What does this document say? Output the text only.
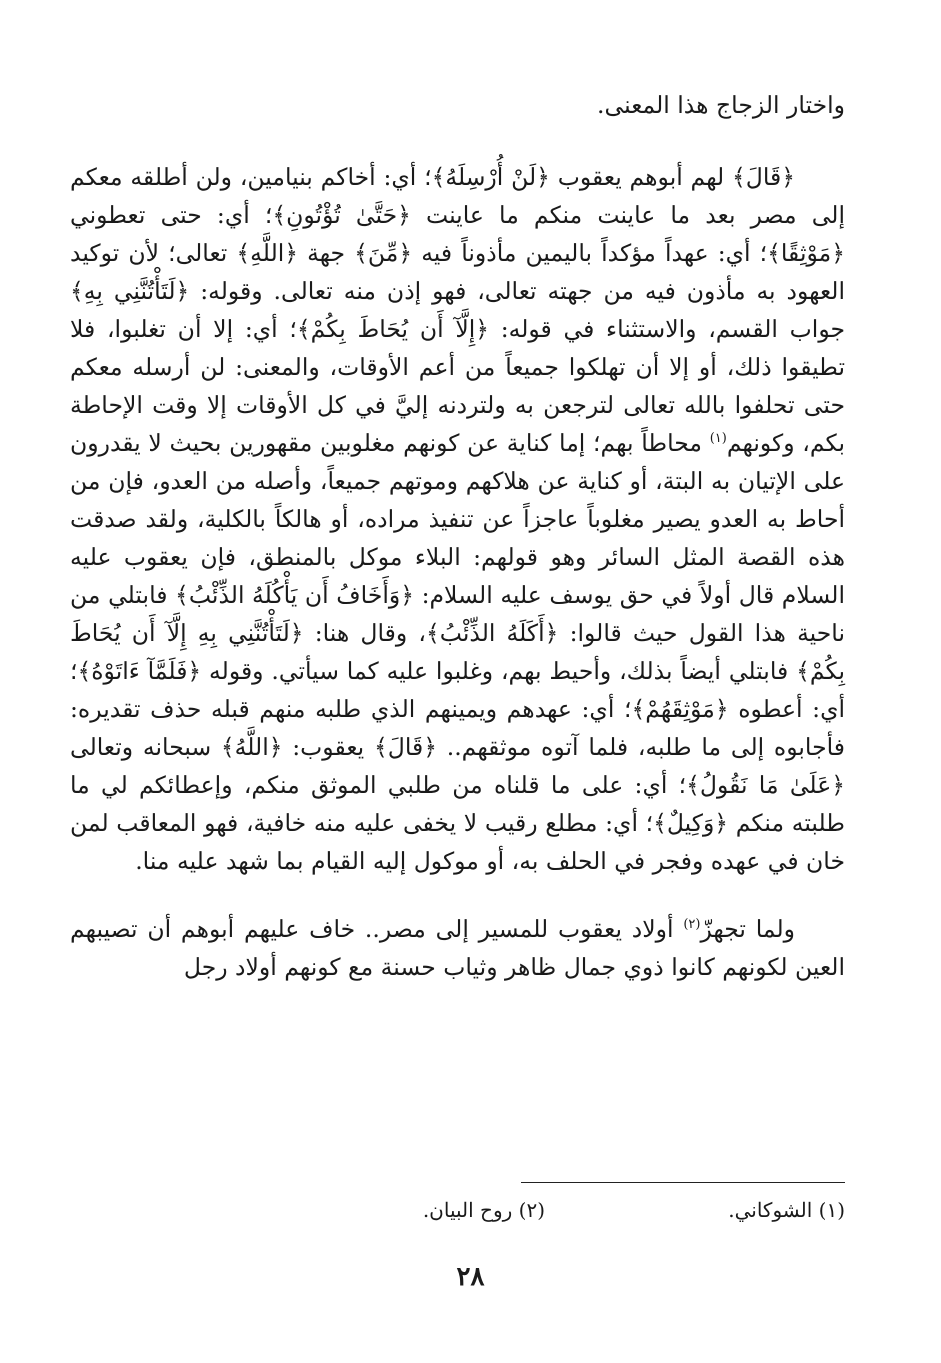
واختار الزجاج هذا المعنى.

﴿قَالَ﴾ لهم أبوهم يعقوب ﴿لَنْ أُرْسِلَهُ﴾؛ أي: أخاكم بنيامين، ولن أطلقه معكم إلى مصر بعد ما عاينت منكم ما عاينت ﴿حَتَّىٰ تُؤْتُونِ﴾؛ أي: حتى تعطوني ﴿مَوْثِقًا﴾؛ أي: عهداً مؤكداً باليمين مأذوناً فيه ﴿مِّنَ﴾ جهة ﴿اللَّهِ﴾ تعالى؛ لأن توكيد العهود به مأذون فيه من جهته تعالى، فهو إذن منه تعالى. وقوله: ﴿لَتَأْتُنَّنِي بِهِ﴾ جواب القسم، والاستثناء في قوله: ﴿إِلَّآ أَن يُحَاطَ بِكُمْ﴾؛ أي: إلا أن تغلبوا، فلا تطيقوا ذلك، أو إلا أن تهلكوا جميعاً من أعم الأوقات، والمعنى: لن أرسله معكم حتى تحلفوا بالله تعالى لترجعن به ولتردنه إليَّ في كل الأوقات إلا وقت الإحاطة بكم، وكونهم$^{(١)}$ محاطاً بهم؛ إما كناية عن كونهم مغلوبين مقهورين بحيث لا يقدرون على الإتيان به البتة، أو كناية عن هلاكهم وموتهم جميعاً، وأصله من العدو، فإن من أحاط به العدو يصير مغلوباً عاجزاً عن تنفيذ مراده، أو هالكاً بالكلية، ولقد صدقت هذه القصة المثل السائر وهو قولهم: البلاء موكل بالمنطق، فإن يعقوب عليه السلام قال أولاً في حق يوسف عليه السلام: ﴿وَأَخَافُ أَن يَأْكُلَهُ الذِّئْبُ﴾ فابتلي من ناحية هذا القول حيث قالوا: ﴿أَكَلَهُ الذِّئْبُ﴾، وقال هنا: ﴿لَتَأْتُنَّنِي بِهِ إِلَّآ أَن يُحَاطَ بِكُمْ﴾ فابتلي أيضاً بذلك، وأحيط بهم، وغلبوا عليه كما سيأتي. وقوله ﴿فَلَمَّآ ءَاتَوْهُ﴾؛ أي: أعطوه ﴿مَوْثِقَهُمْ﴾؛ أي: عهدهم ويمينهم الذي طلبه منهم قبله حذف تقديره: فأجابوه إلى ما طلبه، فلما آتوه موثقهم.. ﴿قَالَ﴾ يعقوب: ﴿اللَّهُ﴾ سبحانه وتعالى ﴿عَلَىٰ مَا نَقُولُ﴾؛ أي: على ما قلناه من طلبي الموثق منكم، وإعطائكم لي ما طلبته منكم ﴿وَكِيلٌ﴾؛ أي: مطلع رقيب لا يخفى عليه منه خافية، فهو المعاقب لمن خان في عهده وفجر في الحلف به، أو موكول إليه القيام بما شهد عليه منا.

ولما تجهزّ$^{(٢)}$ أولاد يعقوب للمسير إلى مصر.. خاف عليهم أبوهم أن تصيبهم العين لكونهم كانوا ذوي جمال ظاهر وثياب حسنة مع كونهم أولاد رجل

(١) الشوكاني.(٢) روح البيان.
٢٨
